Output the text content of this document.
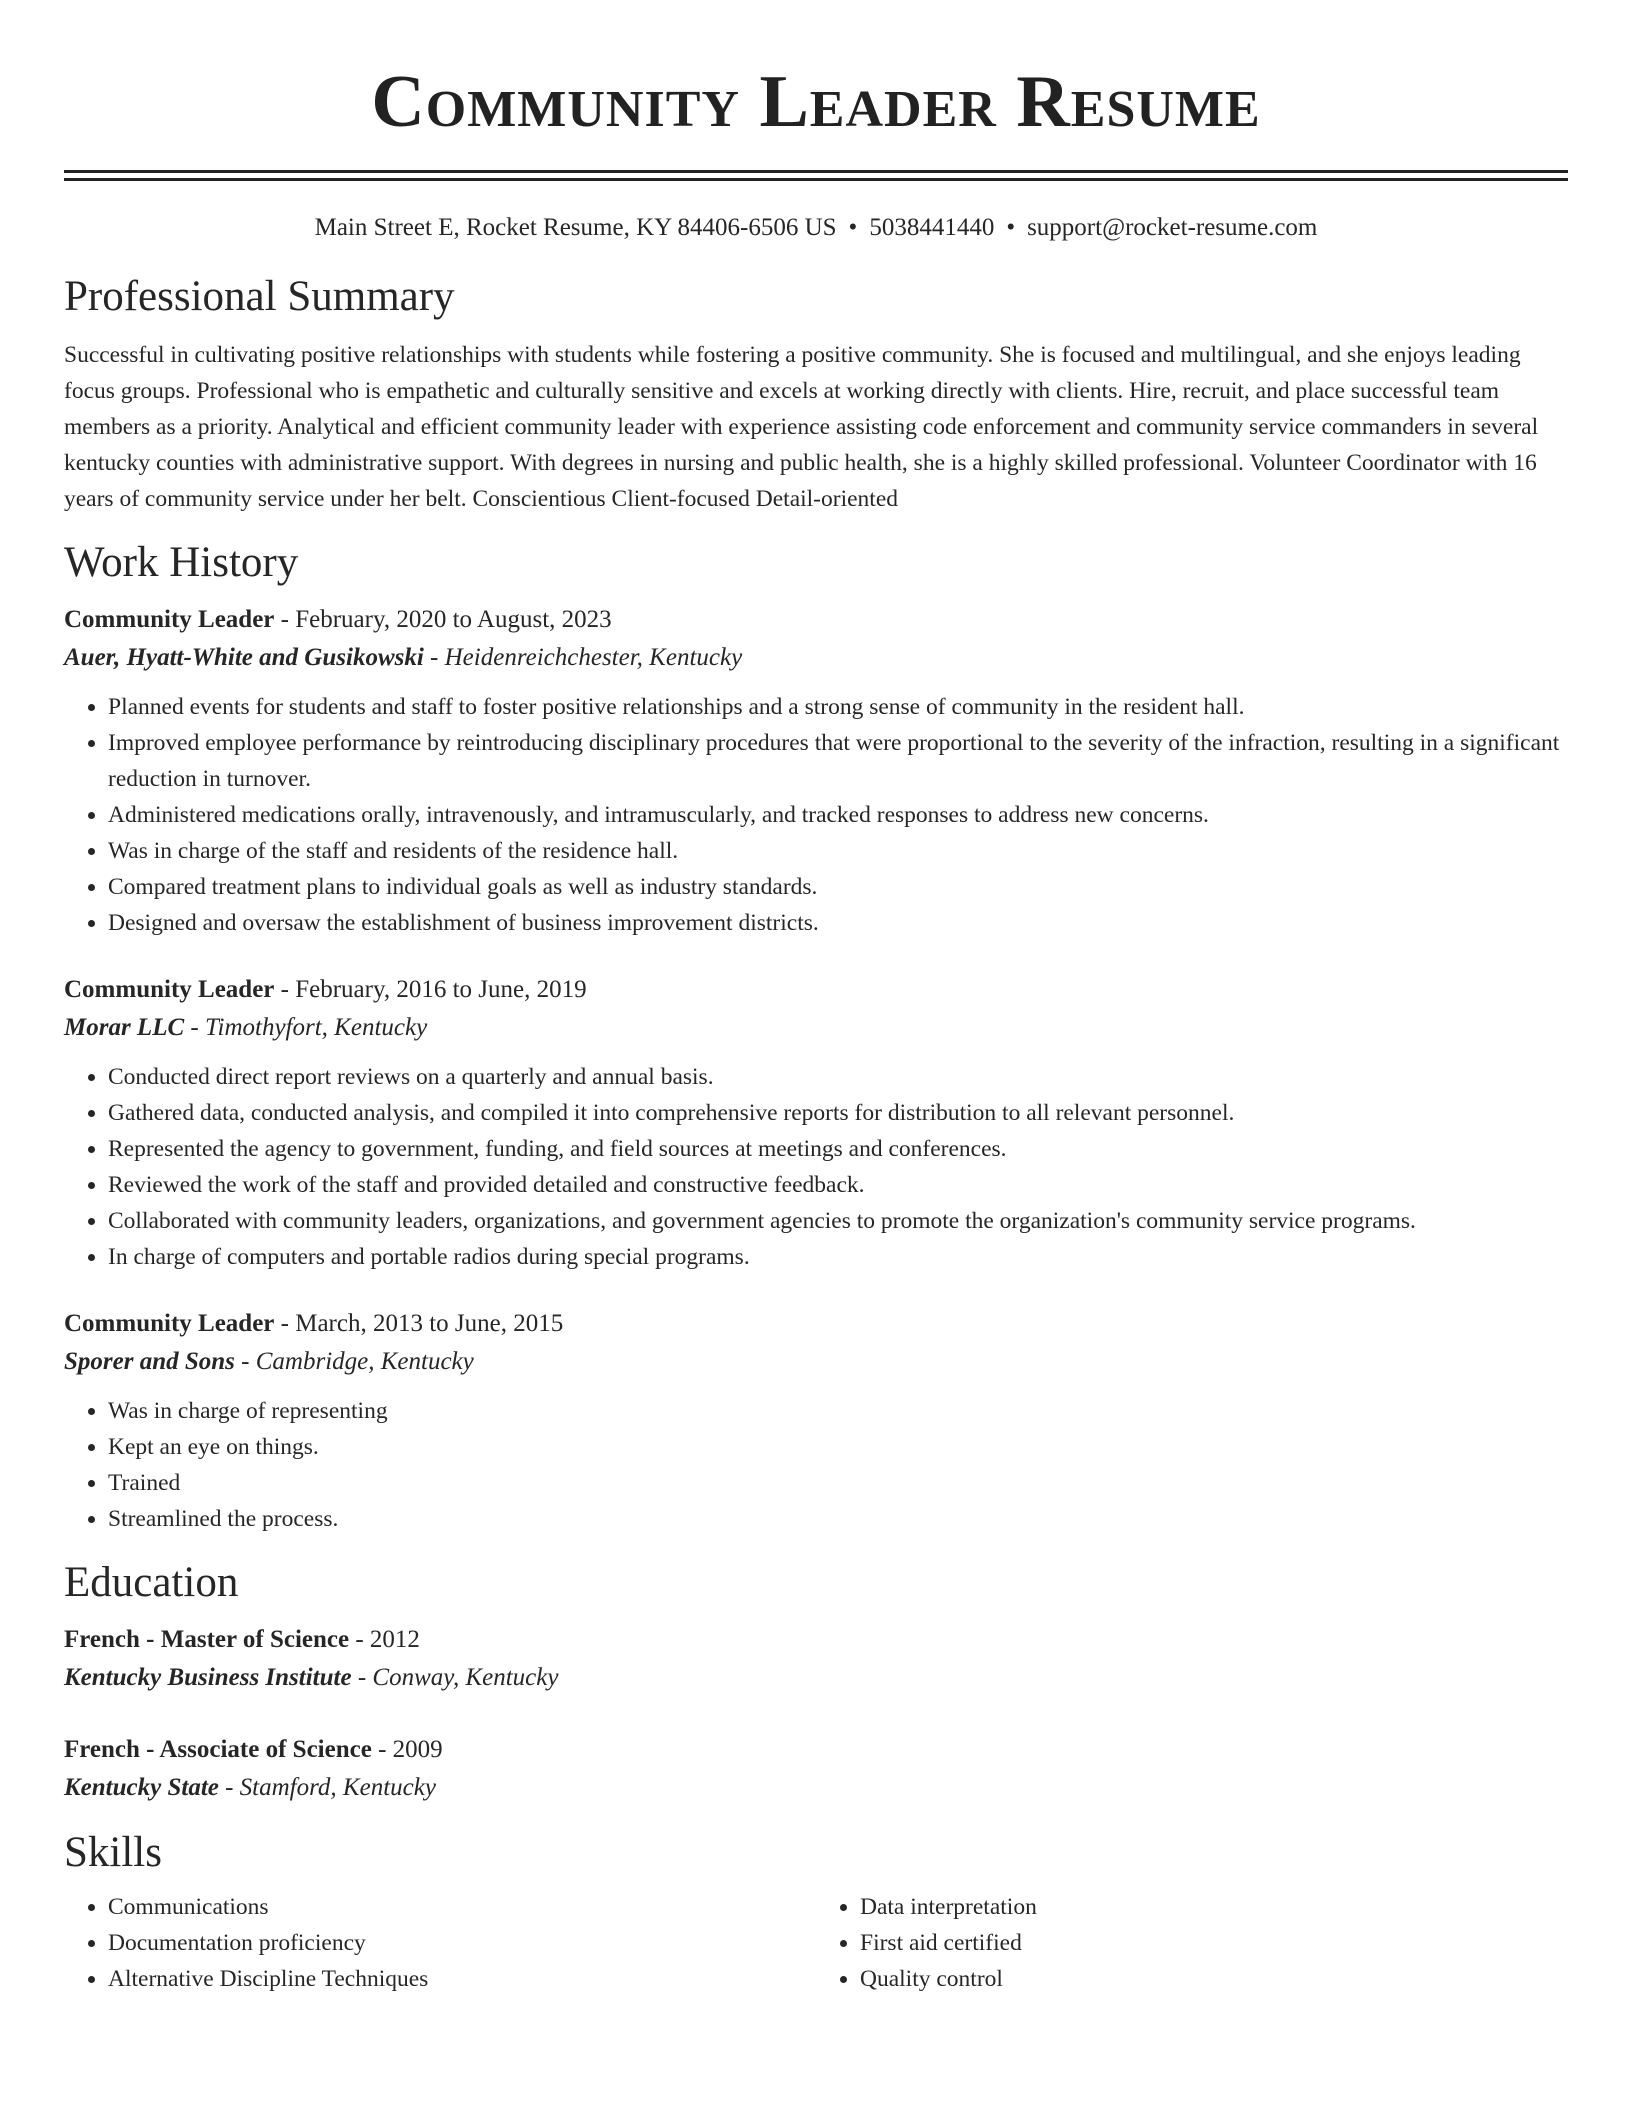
Community Leader Resume
Main Street E, Rocket Resume, KY 84406-6506 US • 5038441440 • support@rocket-resume.com
Professional Summary

Successful in cultivating positive relationships with students while fostering a positive community. She is focused and multilingual, and she enjoys leading focus groups. Professional who is empathetic and culturally sensitive and excels at working directly with clients. Hire, recruit, and place successful team members as a priority. Analytical and efficient community leader with experience assisting code enforcement and community service commanders in several kentucky counties with administrative support. With degrees in nursing and public health, she is a highly skilled professional. Volunteer Coordinator with 16 years of community service under her belt. Conscientious Client-focused Detail-oriented

Work History
Community Leader - February, 2020 to August, 2023
Auer, Hyatt-White and Gusikowski - Heidenreichchester, Kentucky
• Planned events for students and staff to foster positive relationships and a strong sense of community in the resident hall.
• Improved employee performance by reintroducing disciplinary procedures that were proportional to the severity of the infraction, resulting in a significant reduction in turnover.
• Administered medications orally, intravenously, and intramuscularly, and tracked responses to address new concerns.
• Was in charge of the staff and residents of the residence hall.
• Compared treatment plans to individual goals as well as industry standards.
• Designed and oversaw the establishment of business improvement districts.
Community Leader - February, 2016 to June, 2019
Morar LLC - Timothyfort, Kentucky
• Conducted direct report reviews on a quarterly and annual basis.
• Gathered data, conducted analysis, and compiled it into comprehensive reports for distribution to all relevant personnel.
• Represented the agency to government, funding, and field sources at meetings and conferences.
• Reviewed the work of the staff and provided detailed and constructive feedback.
• Collaborated with community leaders, organizations, and government agencies to promote the organization's community service programs.
• In charge of computers and portable radios during special programs.
Community Leader - March, 2013 to June, 2015
Sporer and Sons - Cambridge, Kentucky
• Was in charge of representing
• Kept an eye on things.
• Trained
• Streamlined the process.
Education
French - Master of Science - 2012
Kentucky Business Institute - Conway, Kentucky
French - Associate of Science - 2009
Kentucky State - Stamford, Kentucky
Skills
• Communications
• Documentation proficiency
• Alternative Discipline Techniques
• Data interpretation
• First aid certified
• Quality control
